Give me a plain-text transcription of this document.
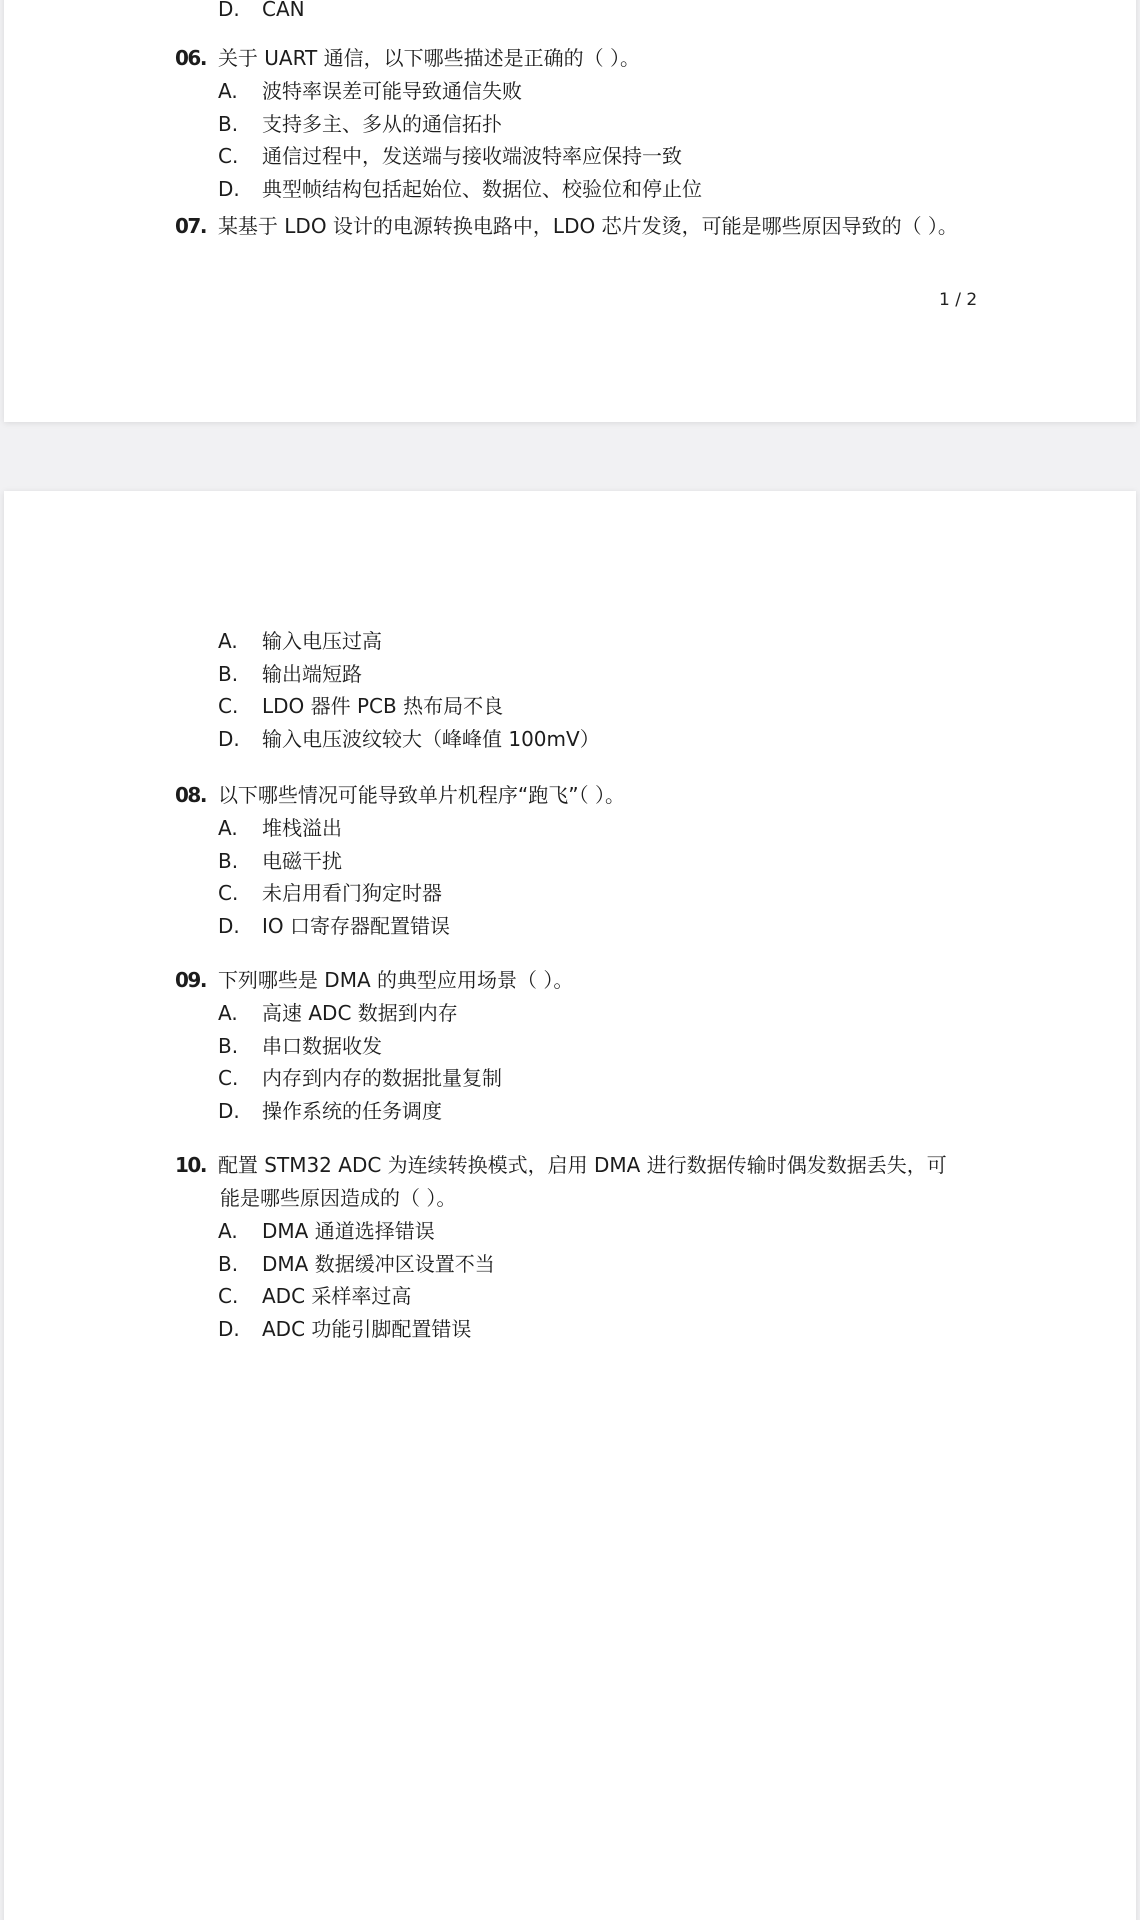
D.	CAN
06. 关于 UART 通信，以下哪些描述是正确的（ ）。
A.	波特率误差可能导致通信失败
B.	支持多主、多从的通信拓扑
C.	通信过程中，发送端与接收端波特率应保持一致
D.	典型帧结构包括起始位、数据位、校验位和停止位
07. 某基于 LDO 设计的电源转换电路中，LDO 芯片发烫，可能是哪些原因导致的（ ）。
1 / 2
A.	输入电压过高
B.	输出端短路
C.	LDO 器件 PCB 热布局不良
D.	输入电压波纹较大（峰峰值 100mV）
08. 以下哪些情况可能导致单片机程序“跑飞”（ ）。
A.	堆栈溢出
B.	电磁干扰
C.	未启用看门狗定时器
D.	IO 口寄存器配置错误
09. 下列哪些是 DMA 的典型应用场景（ ）。
A.	高速 ADC 数据到内存
B.	串口数据收发
C.	内存到内存的数据批量复制
D.	操作系统的任务调度
10. 配置 STM32 ADC 为连续转换模式，启用 DMA 进行数据传输时偶发数据丢失，可
能是哪些原因造成的（ ）。
A.	DMA 通道选择错误
B.	DMA 数据缓冲区设置不当
C.	ADC 采样率过高
D.	ADC 功能引脚配置错误
